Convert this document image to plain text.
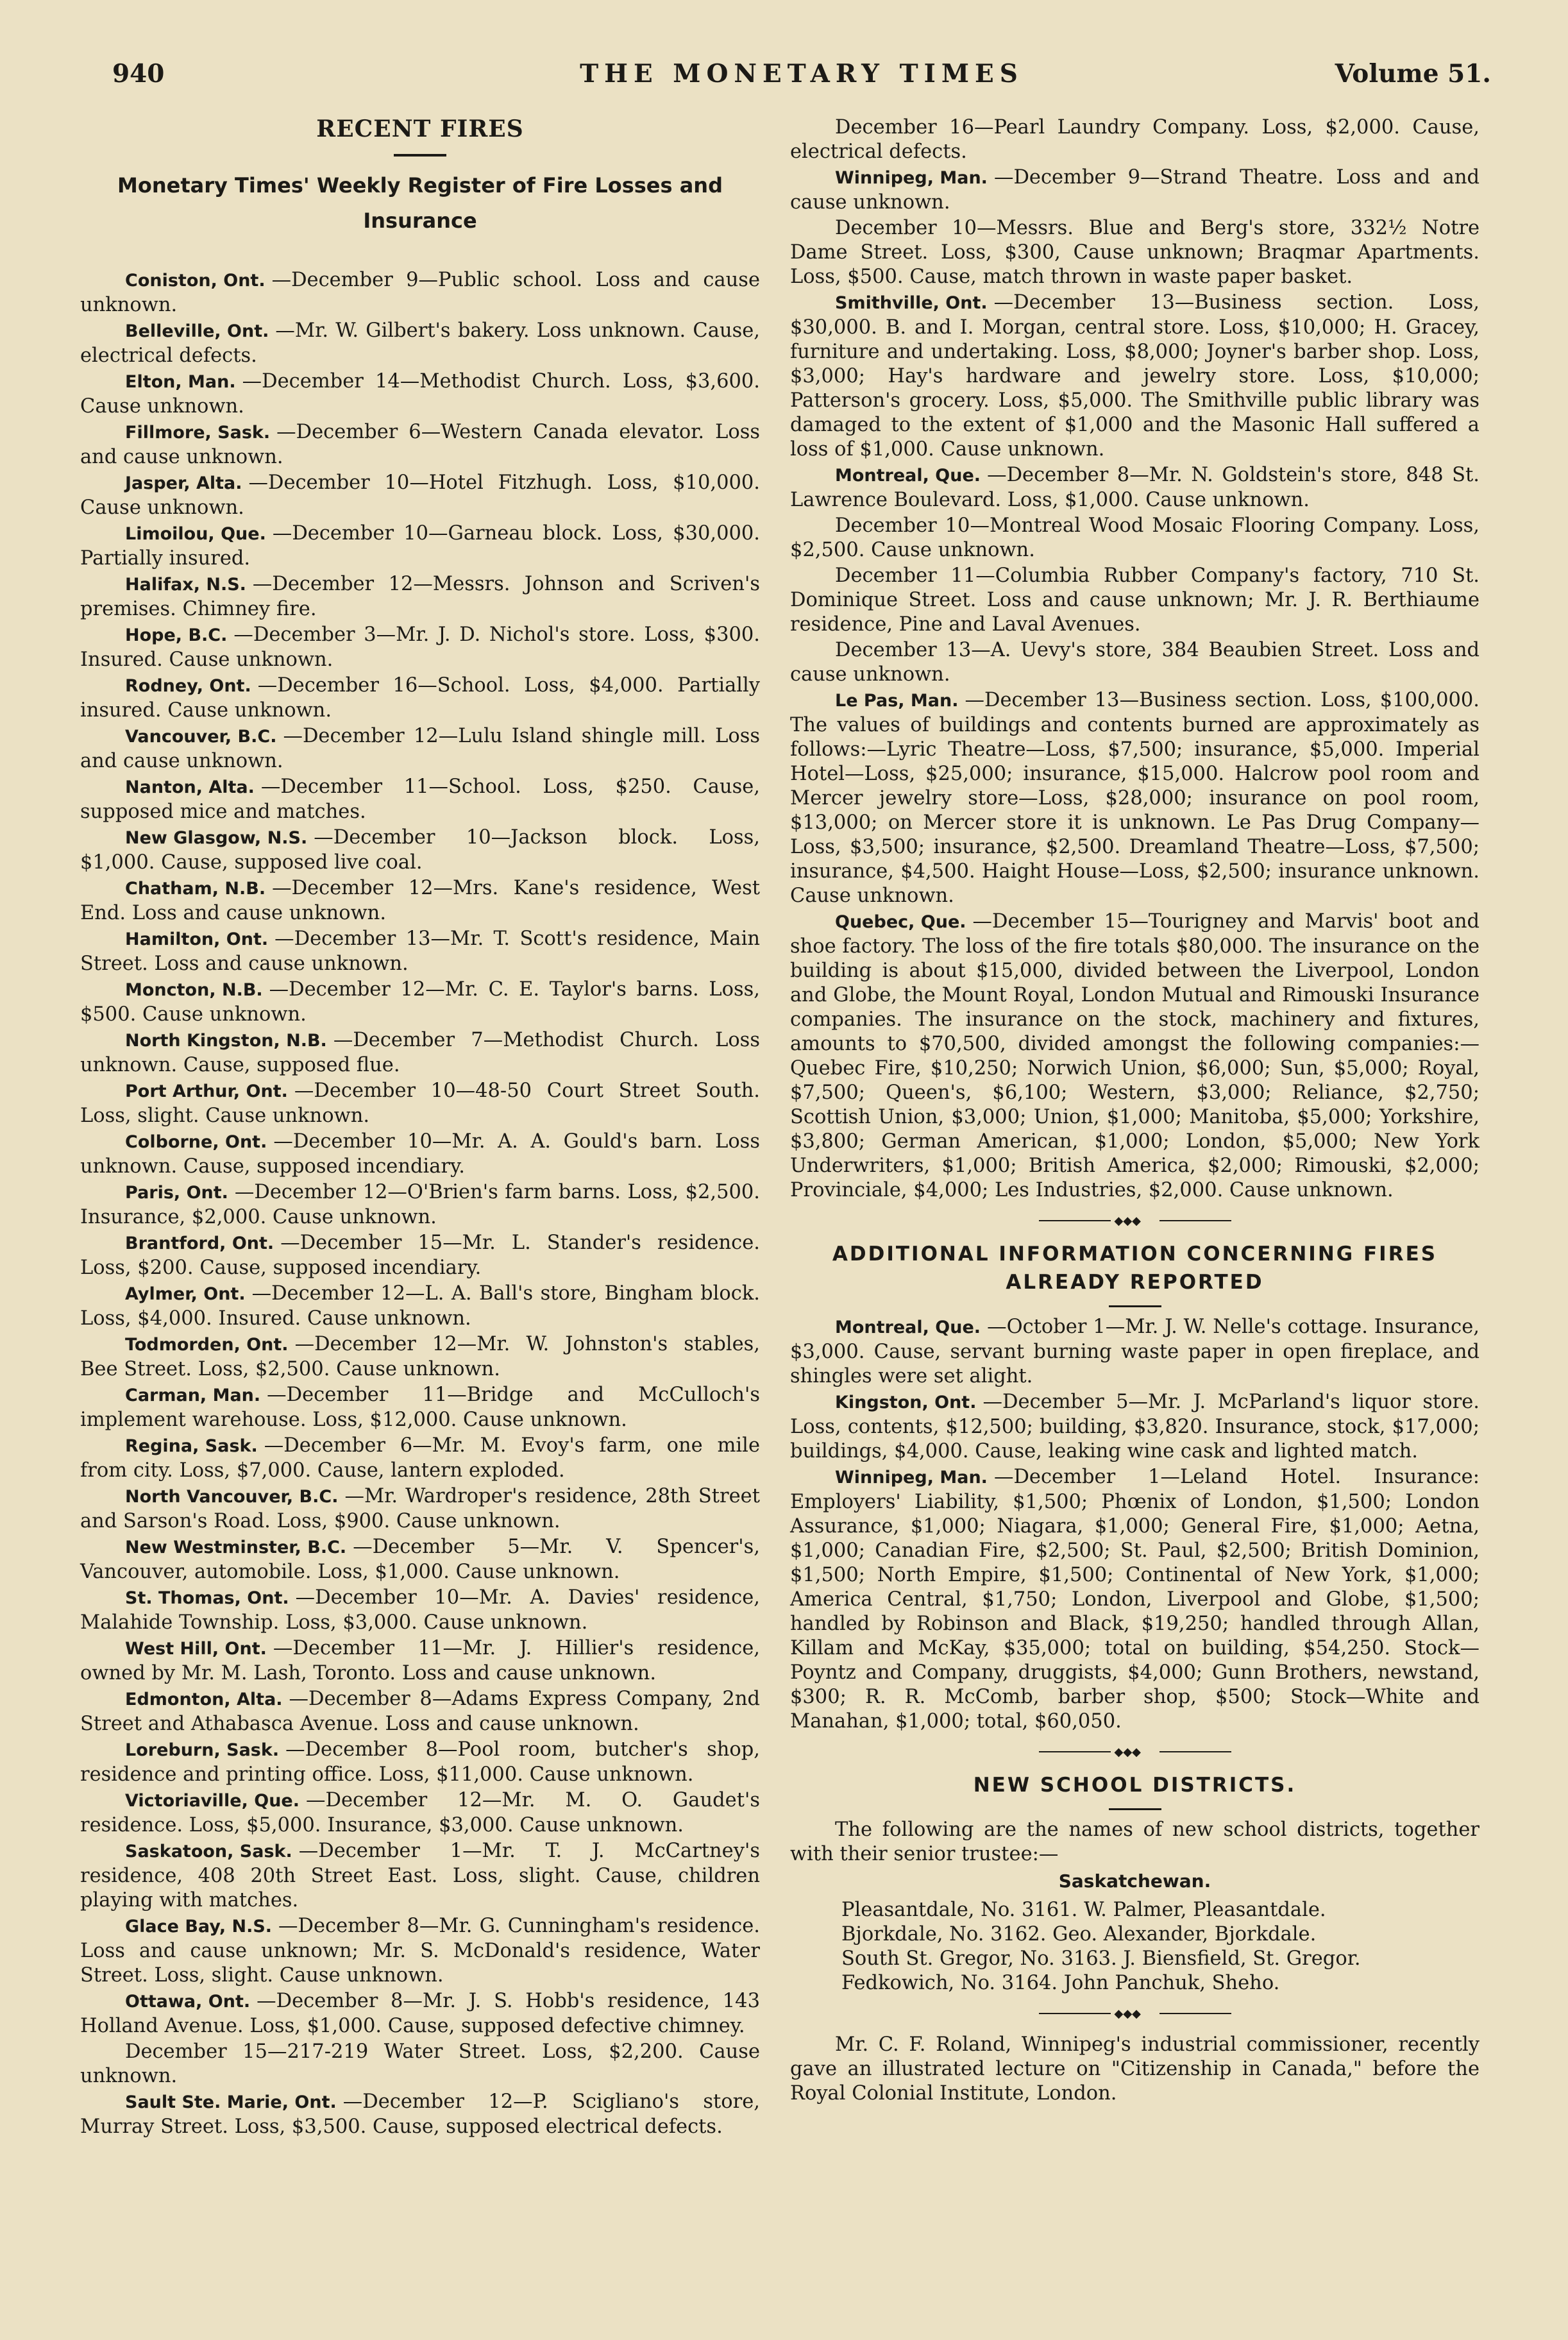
940	THE MONETARY TIMES	Volume 51.
RECENT FIRES
Monetary Times' Weekly Register of Fire Losses and Insurance

Coniston, Ont. —December 9—Public school. Loss and cause unknown.

Belleville, Ont. —Mr. W. Gilbert's bakery. Loss unknown. Cause, electrical defects.

Elton, Man. —December 14—Methodist Church. Loss, $3,600. Cause unknown.

Fillmore, Sask. —December 6—Western Canada elevator. Loss and cause unknown.

Jasper, Alta. —December 10—Hotel Fitzhugh. Loss, $10,000. Cause unknown.

Limoilou, Que. —December 10—Garneau block. Loss, $30,000. Partially insured.

Halifax, N.S. —December 12—Messrs. Johnson and Scriven's premises. Chimney fire.

Hope, B.C. —December 3—Mr. J. D. Nichol's store. Loss, $300. Insured. Cause unknown.

Rodney, Ont. —December 16—School. Loss, $4,000. Partially insured. Cause unknown.

Vancouver, B.C. —December 12—Lulu Island shingle mill. Loss and cause unknown.

Nanton, Alta. —December 11—School. Loss, $250. Cause, supposed mice and matches.

New Glasgow, N.S. —December 10—Jackson block. Loss, $1,000. Cause, supposed live coal.

Chatham, N.B. —December 12—Mrs. Kane's residence, West End. Loss and cause unknown.

Hamilton, Ont. —December 13—Mr. T. Scott's residence, Main Street. Loss and cause unknown.

Moncton, N.B. —December 12—Mr. C. E. Taylor's barns. Loss, $500. Cause unknown.

North Kingston, N.B. —December 7—Methodist Church. Loss unknown. Cause, supposed flue.

Port Arthur, Ont. —December 10—48-50 Court Street South. Loss, slight. Cause unknown.

Colborne, Ont. —December 10—Mr. A. A. Gould's barn. Loss unknown. Cause, supposed incendiary.

Paris, Ont. —December 12—O'Brien's farm barns. Loss, $2,500. Insurance, $2,000. Cause unknown.

Brantford, Ont. —December 15—Mr. L. Stander's residence. Loss, $200. Cause, supposed incendiary.

Aylmer, Ont. —December 12—L. A. Ball's store, Bingham block. Loss, $4,000. Insured. Cause unknown.

Todmorden, Ont. —December 12—Mr. W. Johnston's stables, Bee Street. Loss, $2,500. Cause unknown.

Carman, Man. —December 11—Bridge and McCulloch's implement warehouse. Loss, $12,000. Cause unknown.

Regina, Sask. —December 6—Mr. M. Evoy's farm, one mile from city. Loss, $7,000. Cause, lantern exploded.

North Vancouver, B.C. —Mr. Wardroper's residence, 28th Street and Sarson's Road. Loss, $900. Cause unknown.

New Westminster, B.C. —December 5—Mr. V. Spencer's, Vancouver, automobile. Loss, $1,000. Cause unknown.

St. Thomas, Ont. —December 10—Mr. A. Davies' residence, Malahide Township. Loss, $3,000. Cause unknown.

West Hill, Ont. —December 11—Mr. J. Hillier's residence, owned by Mr. M. Lash, Toronto. Loss and cause unknown.

Edmonton, Alta. —December 8—Adams Express Company, 2nd Street and Athabasca Avenue. Loss and cause unknown.

Loreburn, Sask. —December 8—Pool room, butcher's shop, residence and printing office. Loss, $11,000. Cause unknown.

Victoriaville, Que. —December 12—Mr. M. O. Gaudet's residence. Loss, $5,000. Insurance, $3,000. Cause unknown.

Saskatoon, Sask. —December 1—Mr. T. J. McCartney's residence, 408 20th Street East. Loss, slight. Cause, children playing with matches.

Glace Bay, N.S. —December 8—Mr. G. Cunningham's residence. Loss and cause unknown; Mr. S. McDonald's residence, Water Street. Loss, slight. Cause unknown.

Ottawa, Ont. —December 8—Mr. J. S. Hobb's residence, 143 Holland Avenue. Loss, $1,000. Cause, supposed defective chimney.

December 15—217-219 Water Street. Loss, $2,200. Cause unknown.

Sault Ste. Marie, Ont. —December 12—P. Scigliano's store, Murray Street. Loss, $3,500. Cause, supposed electrical defects.

December 16—Pearl Laundry Company. Loss, $2,000. Cause, electrical defects.

Winnipeg, Man. —December 9—Strand Theatre. Loss and and cause unknown.

December 10—Messrs. Blue and Berg's store, 332½ Notre Dame Street. Loss, $300, Cause unknown; Braqmar Apartments. Loss, $500. Cause, match thrown in waste paper basket.

Smithville, Ont. —December 13—Business section. Loss, $30,000. B. and I. Morgan, central store. Loss, $10,000; H. Gracey, furniture and undertaking. Loss, $8,000; Joyner's barber shop. Loss, $3,000; Hay's hardware and jewelry store. Loss, $10,000; Patterson's grocery. Loss, $5,000. The Smithville public library was damaged to the extent of $1,000 and the Masonic Hall suffered a loss of $1,000. Cause unknown.

Montreal, Que. —December 8—Mr. N. Goldstein's store, 848 St. Lawrence Boulevard. Loss, $1,000. Cause unknown.

December 10—Montreal Wood Mosaic Flooring Company. Loss, $2,500. Cause unknown.

December 11—Columbia Rubber Company's factory, 710 St. Dominique Street. Loss and cause unknown; Mr. J. R. Berthiaume residence, Pine and Laval Avenues.

December 13—A. Uevy's store, 384 Beaubien Street. Loss and cause unknown.

Le Pas, Man. —December 13—Business section. Loss, $100,000. The values of buildings and contents burned are approximately as follows:—Lyric Theatre—Loss, $7,500; insurance, $5,000. Imperial Hotel—Loss, $25,000; insurance, $15,000. Halcrow pool room and Mercer jewelry store—Loss, $28,000; insurance on pool room, $13,000; on Mercer store it is unknown. Le Pas Drug Company—Loss, $3,500; insurance, $2,500. Dreamland Theatre—Loss, $7,500; insurance, $4,500. Haight House—Loss, $2,500; insurance unknown. Cause unknown.

Quebec, Que. —December 15—Tourigney and Marvis' boot and shoe factory. The loss of the fire totals $80,000. The insurance on the building is about $15,000, divided between the Liverpool, London and Globe, the Mount Royal, London Mutual and Rimouski Insurance companies. The insurance on the stock, machinery and fixtures, amounts to $70,500, divided amongst the following companies:—Quebec Fire, $10,250; Norwich Union, $6,000; Sun, $5,000; Royal, $7,500; Queen's, $6,100; Western, $3,000; Reliance, $2,750; Scottish Union, $3,000; Union, $1,000; Manitoba, $5,000; Yorkshire, $3,800; German American, $1,000; London, $5,000; New York Underwriters, $1,000; British America, $2,000; Rimouski, $2,000; Provinciale, $4,000; Les Industries, $2,000. Cause unknown.

◆◆◆
ADDITIONAL INFORMATION CONCERNING FIRES ALREADY REPORTED

Montreal, Que. —October 1—Mr. J. W. Nelle's cottage. Insurance, $3,000. Cause, servant burning waste paper in open fireplace, and shingles were set alight.

Kingston, Ont. —December 5—Mr. J. McParland's liquor store. Loss, contents, $12,500; building, $3,820. Insurance, stock, $17,000; buildings, $4,000. Cause, leaking wine cask and lighted match.

Winnipeg, Man. —December 1—Leland Hotel. Insurance: Employers' Liability, $1,500; Phœnix of London, $1,500; London Assurance, $1,000; Niagara, $1,000; General Fire, $1,000; Aetna, $1,000; Canadian Fire, $2,500; St. Paul, $2,500; British Dominion, $1,500; North Empire, $1,500; Continental of New York, $1,000; America Central, $1,750; London, Liverpool and Globe, $1,500; handled by Robinson and Black, $19,250; handled through Allan, Killam and McKay, $35,000; total on building, $54,250. Stock—Poyntz and Company, druggists, $4,000; Gunn Brothers, newstand, $300; R. R. McComb, barber shop, $500; Stock—White and Manahan, $1,000; total, $60,050.

◆◆◆
NEW SCHOOL DISTRICTS.

The following are the names of new school districts, together with their senior trustee:—

Saskatchewan.

Pleasantdale, No. 3161. W. Palmer, Pleasantdale.

Bjorkdale, No. 3162. Geo. Alexander, Bjorkdale.

South St. Gregor, No. 3163. J. Biensfield, St. Gregor.

Fedkowich, No. 3164. John Panchuk, Sheho.

◆◆◆

Mr. C. F. Roland, Winnipeg's industrial commissioner, recently gave an illustrated lecture on "Citizenship in Canada," before the Royal Colonial Institute, London.
